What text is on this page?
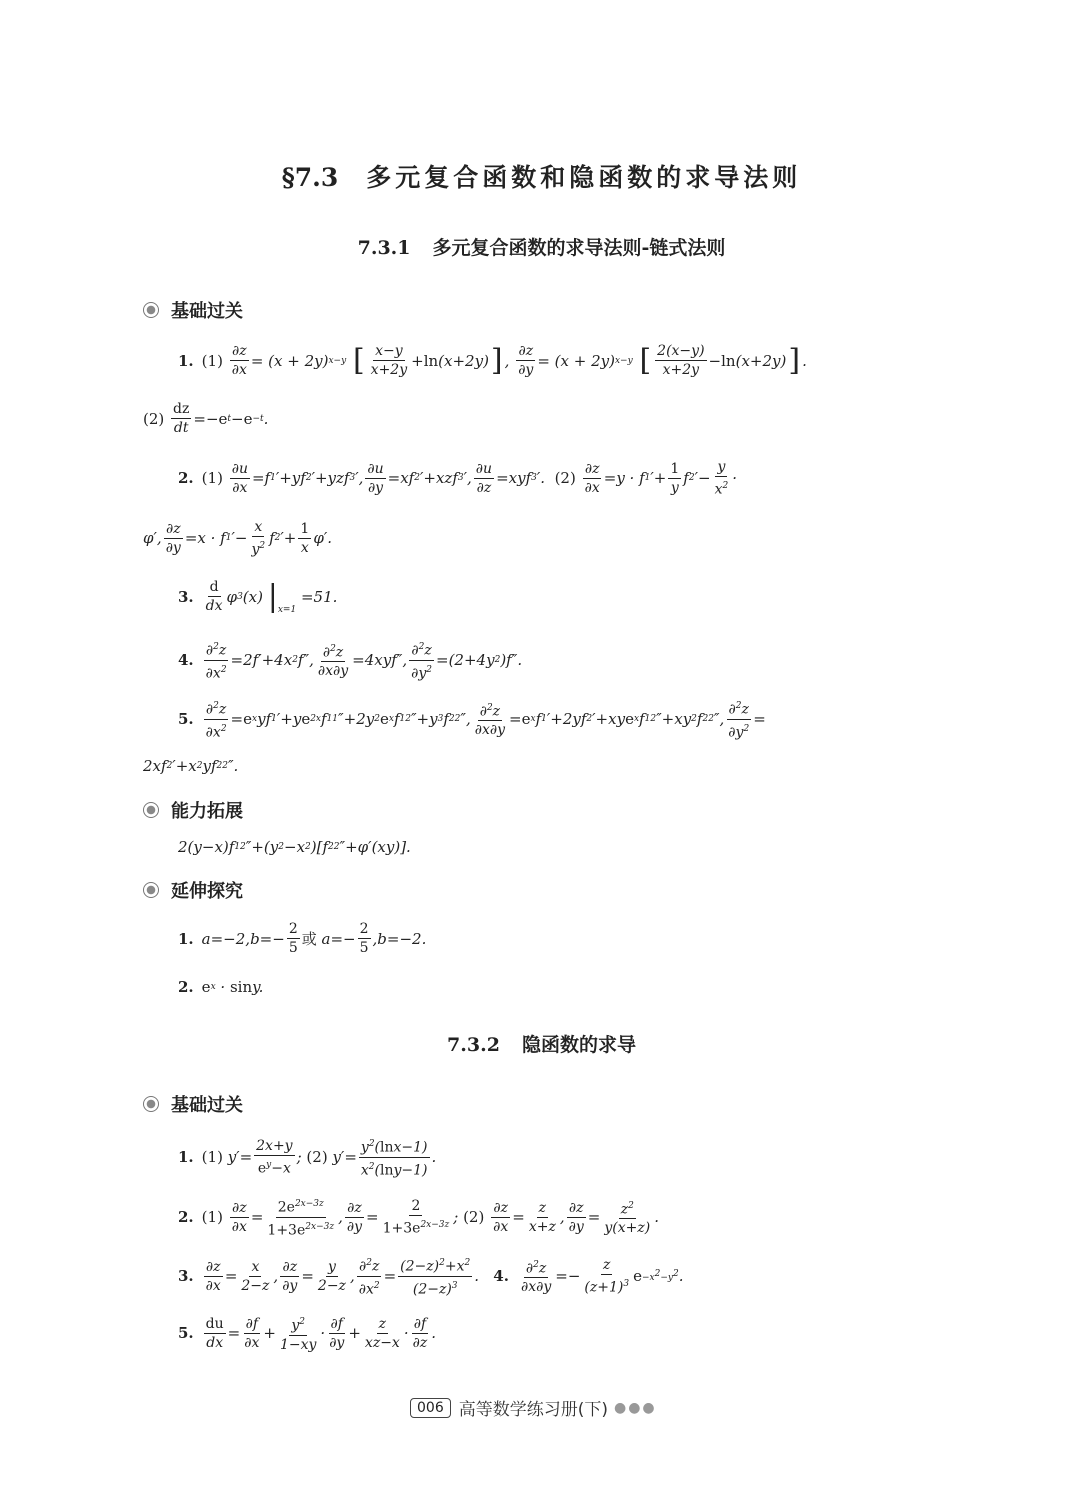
§7.3 多元复合函数和隐函数的求导法则
7.3.1 多元复合函数的求导法则-链式法则
基础过关
1. (1)
$\frac{\partial z}{\partial x} = (x + 2y)$ x−y
[ $\frac{x-y}{x+2y} + \ln (x+2y)$ ] , $\frac{\partial z}{\partial y} = (x + 2y)$ x−y
[ $\frac{2(x-y)}{x+2y} - \ln (x+2y)$ ] .
(2)
$\frac{dz}{dt} =- e$ t − e −t .
2. (1)
$\frac{\partial u}{\partial x} =f$ 1 ′+yf 2 ′+yzf 3 ′, $\frac{\partial u}{\partial y} =xf$ 2 ′+xzf 3 ′, $\frac{\partial u}{\partial z} =xyf$ 3 ′. (2)
$\frac{\partial z}{\partial x} =y \cdot f$ 1 ′+ $\frac{1}{y}$ f 2 ′− $\frac{y}{x^2}$ ·
φ′, $\frac{\partial z}{\partial y} =x \cdot f$ 1 ′− $\frac{x}{y^2}$ f 2 ′+ $\frac{1}{x} \varphi'$.
3. $\frac{d}{dx}$ φ 3 (x) $|_{x=1}$
=51.
4. $\frac{\partial^2z}{\partial x^2} =2f'+4x$ 2 f″, $\frac{\partial^2z}{\partial x\partial y} =4xyf''$, $\frac{\partial^2z}{\partial y^2} =(2+4y$ 2 )f″.
5. $\frac{\partial^2z}{\partial x^2} = e$ x yf 1 ′+y e 2x f 11 ″+2y 2 e x f 12 ″+y 3 f 22 ″, $\frac{\partial^2z}{\partial x\partial y} = e$ x f 1 ′+2yf 2 ′+xy e x f 12 ″+xy 2 f 22 ″, $\frac{\partial^2z}{\partial y^2}$ =
2xf 2 ′+x 2 yf 22 ″.
能力拓展
2(y−x)f 12 ″+(y 2 −x 2 )[f 22 ″+φ′(xy)].
延伸探究
1. $a=-2,b=- \frac{2}{5}$ 或 $a=- \frac{2}{5} ,b=-2$.
2. e x · sin y.
7.3.2 隐函数的求导
基础过关
1. (1) $y'= \frac{2x+y}{e^y-x}$ ; (2) $y'= \frac{y^2(\ln x-1)}{x^2(\ln y-1)}$ .
2. (1)
$\frac{\partial z}{\partial x} = \frac{2e^{2x-3z}}{1+3e^{2x-3z}}$ , $\frac{\partial z}{\partial y} = \frac{2}{1+3e^{2x-3z}}$ ; (2)
$\frac{\partial z}{\partial x} = \frac{z}{x+z}$ , $\frac{\partial z}{\partial y} = \frac{z^2}{y(x+z)}$ .
3. $\frac{\partial z}{\partial x} = \frac{x}{2-z}$ , $\frac{\partial z}{\partial y} = \frac{y}{2-z}$ , $\frac{\partial^2z}{\partial x^2} = \frac{(2-z)^2+x^2}{(2-z)^3}$ . 4. $\frac{\partial^2z}{\partial x\partial y} =- \frac{z}{(z+1)^3}$ $e -x^2-y^2$ .
5. $\frac{du}{dx} = \frac{\partial f}{\partial x} + \frac{y^2}{1-xy} \cdot \frac{\partial f}{\partial y} + \frac{z}{xz-x} \cdot \frac{\partial f}{\partial z}$ .
006 高等数学练习册(下) ●●●
